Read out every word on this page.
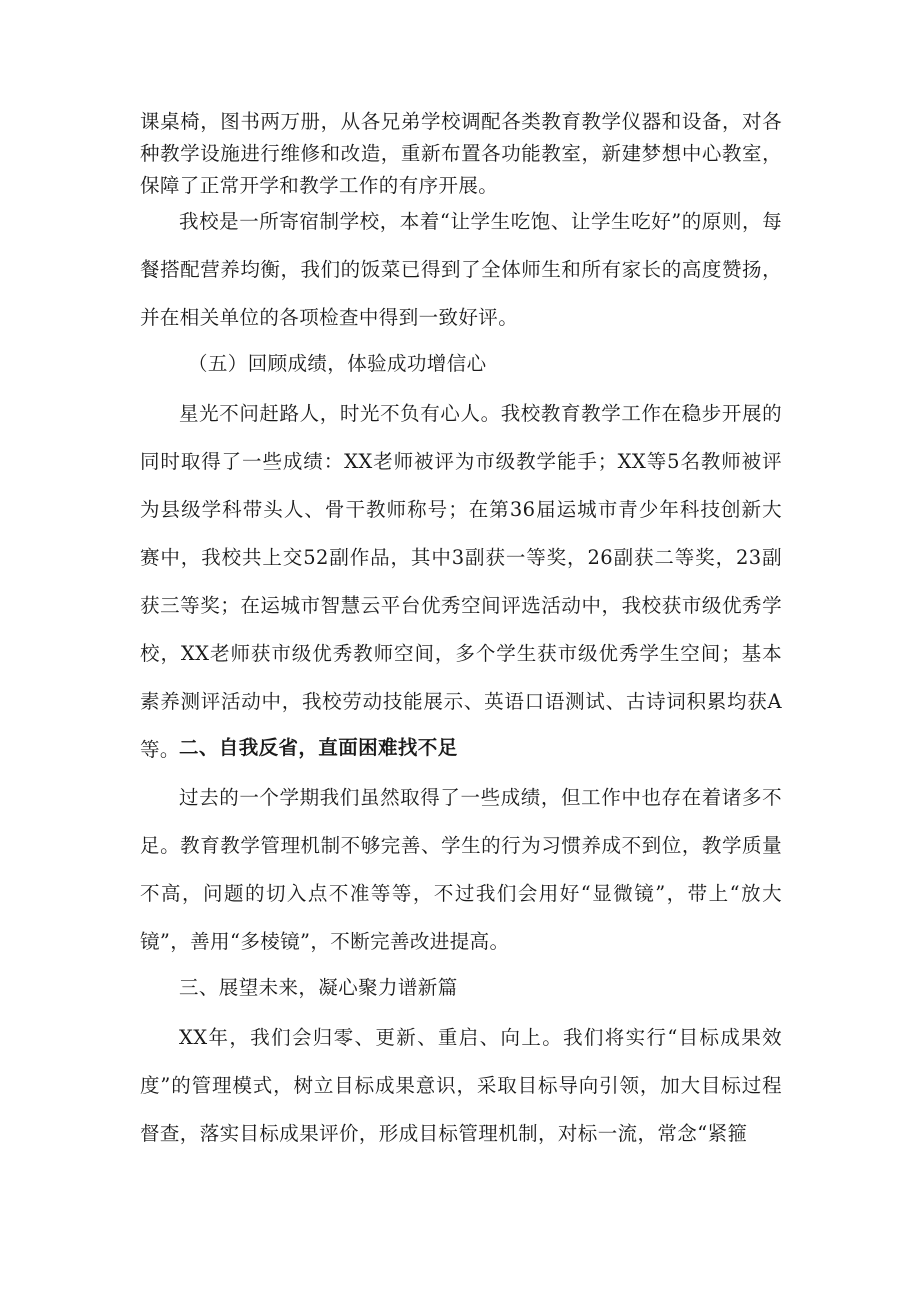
课桌椅，图书两万册，从各兄弟学校调配各类教育教学仪器和设备，对各种教学设施进行维修和改造，重新布置各功能教室，新建梦想中心教室，保障了正常开学和教学工作的有序开展。

我校是一所寄宿制学校，本着“让学生吃饱、让学生吃好”的原则，每餐搭配营养均衡，我们的饭菜已得到了全体师生和所有家长的高度赞扬，并在相关单位的各项检查中得到一致好评。

（五）回顾成绩，体验成功增信心

星光不问赶路人，时光不负有心人。我校教育教学工作在稳步开展的同时取得了一些成绩：XX老师被评为市级教学能手；XX等5名教师被评为县级学科带头人、骨干教师称号；在第36届运城市青少年科技创新大赛中，我校共上交52副作品，其中3副获一等奖，26副获二等奖，23副获三等奖；在运城市智慧云平台优秀空间评选活动中，我校获市级优秀学校，XX老师获市级优秀教师空间，多个学生获市级优秀学生空间；基本素养测评活动中，我校劳动技能展示、英语口语测试、古诗词积累均获A等。 二、自我反省，直面困难找不足

过去的一个学期我们虽然取得了一些成绩，但工作中也存在着诸多不足。教育教学管理机制不够完善、学生的行为习惯养成不到位，教学质量不高，问题的切入点不准等等，不过我们会用好“显微镜”，带上“放大镜”，善用“多棱镜”，不断完善改进提高。

三、展望未来，凝心聚力谱新篇

XX年，我们会归零、更新、重启、向上。我们将实行“目标成果效度”的管理模式，树立目标成果意识，采取目标导向引领，加大目标过程督查，落实目标成果评价，形成目标管理机制，对标一流，常念“紧箍
